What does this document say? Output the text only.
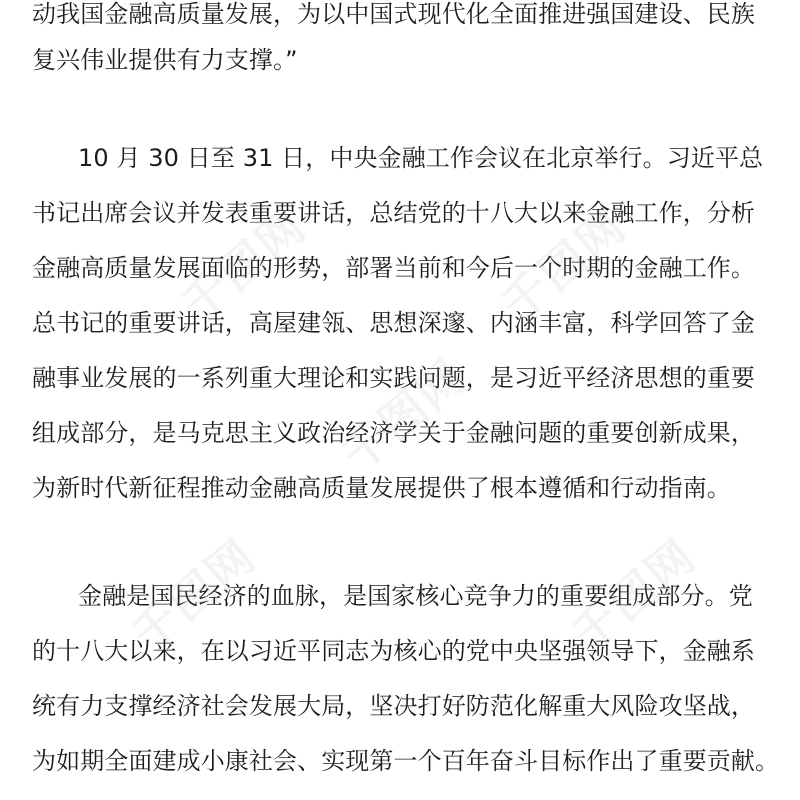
动我国金融高质量发展，为以中国式现代化全面推进强国建设、民族
复兴伟业提供有力支撑。”
10 月 30 日至 31 日，中央金融工作会议在北京举行。习近平总
书记出席会议并发表重要讲话，总结党的十八大以来金融工作，分析
金融高质量发展面临的形势，部署当前和今后一个时期的金融工作。
总书记的重要讲话，高屋建瓴、思想深邃、内涵丰富，科学回答了金
融事业发展的一系列重大理论和实践问题，是习近平经济思想的重要
组成部分，是马克思主义政治经济学关于金融问题的重要创新成果，
为新时代新征程推动金融高质量发展提供了根本遵循和行动指南。
金融是国民经济的血脉，是国家核心竞争力的重要组成部分。党
的十八大以来，在以习近平同志为核心的党中央坚强领导下，金融系
统有力支撑经济社会发展大局，坚决打好防范化解重大风险攻坚战，
为如期全面建成小康社会、实现第一个百年奋斗目标作出了重要贡献。
千图网	千图网
千图网
千图网	千图网
